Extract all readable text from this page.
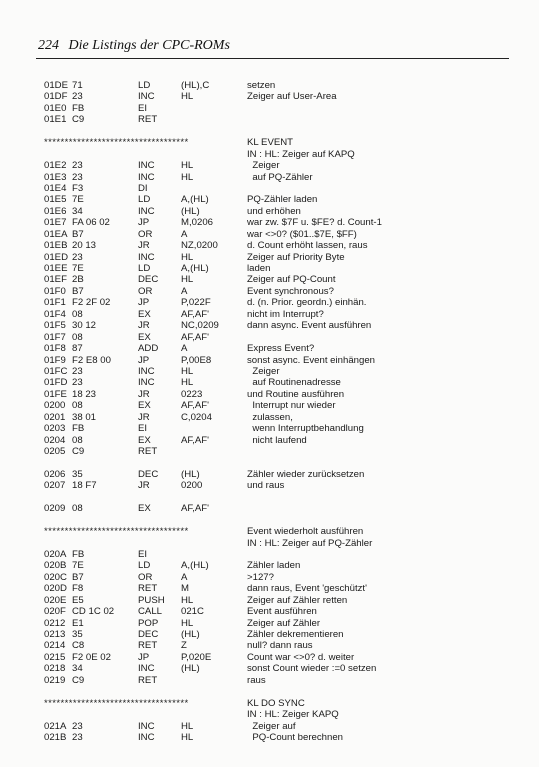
224 Die Listings der CPC-ROMs
01DE 71	LD	(HL),C	setzen
01DF 23	INC	HL	Zeiger auf User-Area
01E0 FB	EI
01E1 C9	RET
***********************************	KL EVENT
IN : HL: Zeiger auf KAPQ
01E2 23	INC	HL	Zeiger
01E3 23	INC	HL	auf PQ-Zähler
01E4 F3	DI
01E5 7E	LD	A,(HL)	PQ-Zähler laden
01E6 34	INC	(HL)	und erhöhen
01E7 FA 06 02	JP	M,0206	war zw. $7F u. $FE? d. Count-1
01EA B7	OR	A	war <>0? ($01..$7E, $FF)
01EB 20 13	JR	NZ,0200	d. Count erhöht lassen, raus
01ED 23	INC	HL	Zeiger auf Priority Byte
01EE 7E	LD	A,(HL)	laden
01EF 2B	DEC HL	Zeiger auf PQ-Count
01F0 B7	OR	A	Event synchronous?
01F1 F2 2F 02	JP	P,022F	d. (n. Prior. geordn.) einhän.
01F4 08	EX	AF,AF'	nicht im Interrupt?
01F5 30 12	JR	NC,0209	dann async. Event ausführen
01F7 08	EX	AF,AF'
01F8 87	ADD A	Express Event?
01F9 F2 E8 00	JP	P,00E8	sonst async. Event einhängen
01FC 23	INC	HL	Zeiger
01FD 23	INC	HL	auf Routinenadresse
01FE 18 23	JR	0223	und Routine ausführen
0200 08	EX	AF,AF'	Interrupt nur wieder
0201 38 01	JR	C,0204	zulassen,
0203 FB	EI	wenn Interruptbehandlung
0204 08	EX	AF,AF'	nicht laufend
0205 C9	RET
0206 35	DEC (HL)	Zähler wieder zurücksetzen
0207 18 F7	JR	0200	und raus
0209 08	EX	AF,AF'
***********************************	Event wiederholt ausführen
IN : HL: Zeiger auf PQ-Zähler
020A FB	EI
020B 7E	LD	A,(HL)	Zähler laden
020C B7	OR	A	>127?
020D F8	RET M	dann raus, Event 'geschützt'
020E E5	PUSH HL	Zeiger auf Zähler retten
020F CD 1C 02 CALL 021C	Event ausführen
0212 E1	POP HL	Zeiger auf Zähler
0213 35	DEC (HL)	Zähler dekrementieren
0214 C8	RET Z	null? dann raus
0215 F2 0E 02	JP	P,020E	Count war <>0? d. weiter
0218 34	INC	(HL)	sonst Count wieder :=0 setzen
0219 C9	RET	raus
***********************************	KL DO SYNC
IN : HL: Zeiger KAPQ
021A 23	INC	HL	Zeiger auf
021B 23	INC	HL	PQ-Count berechnen
